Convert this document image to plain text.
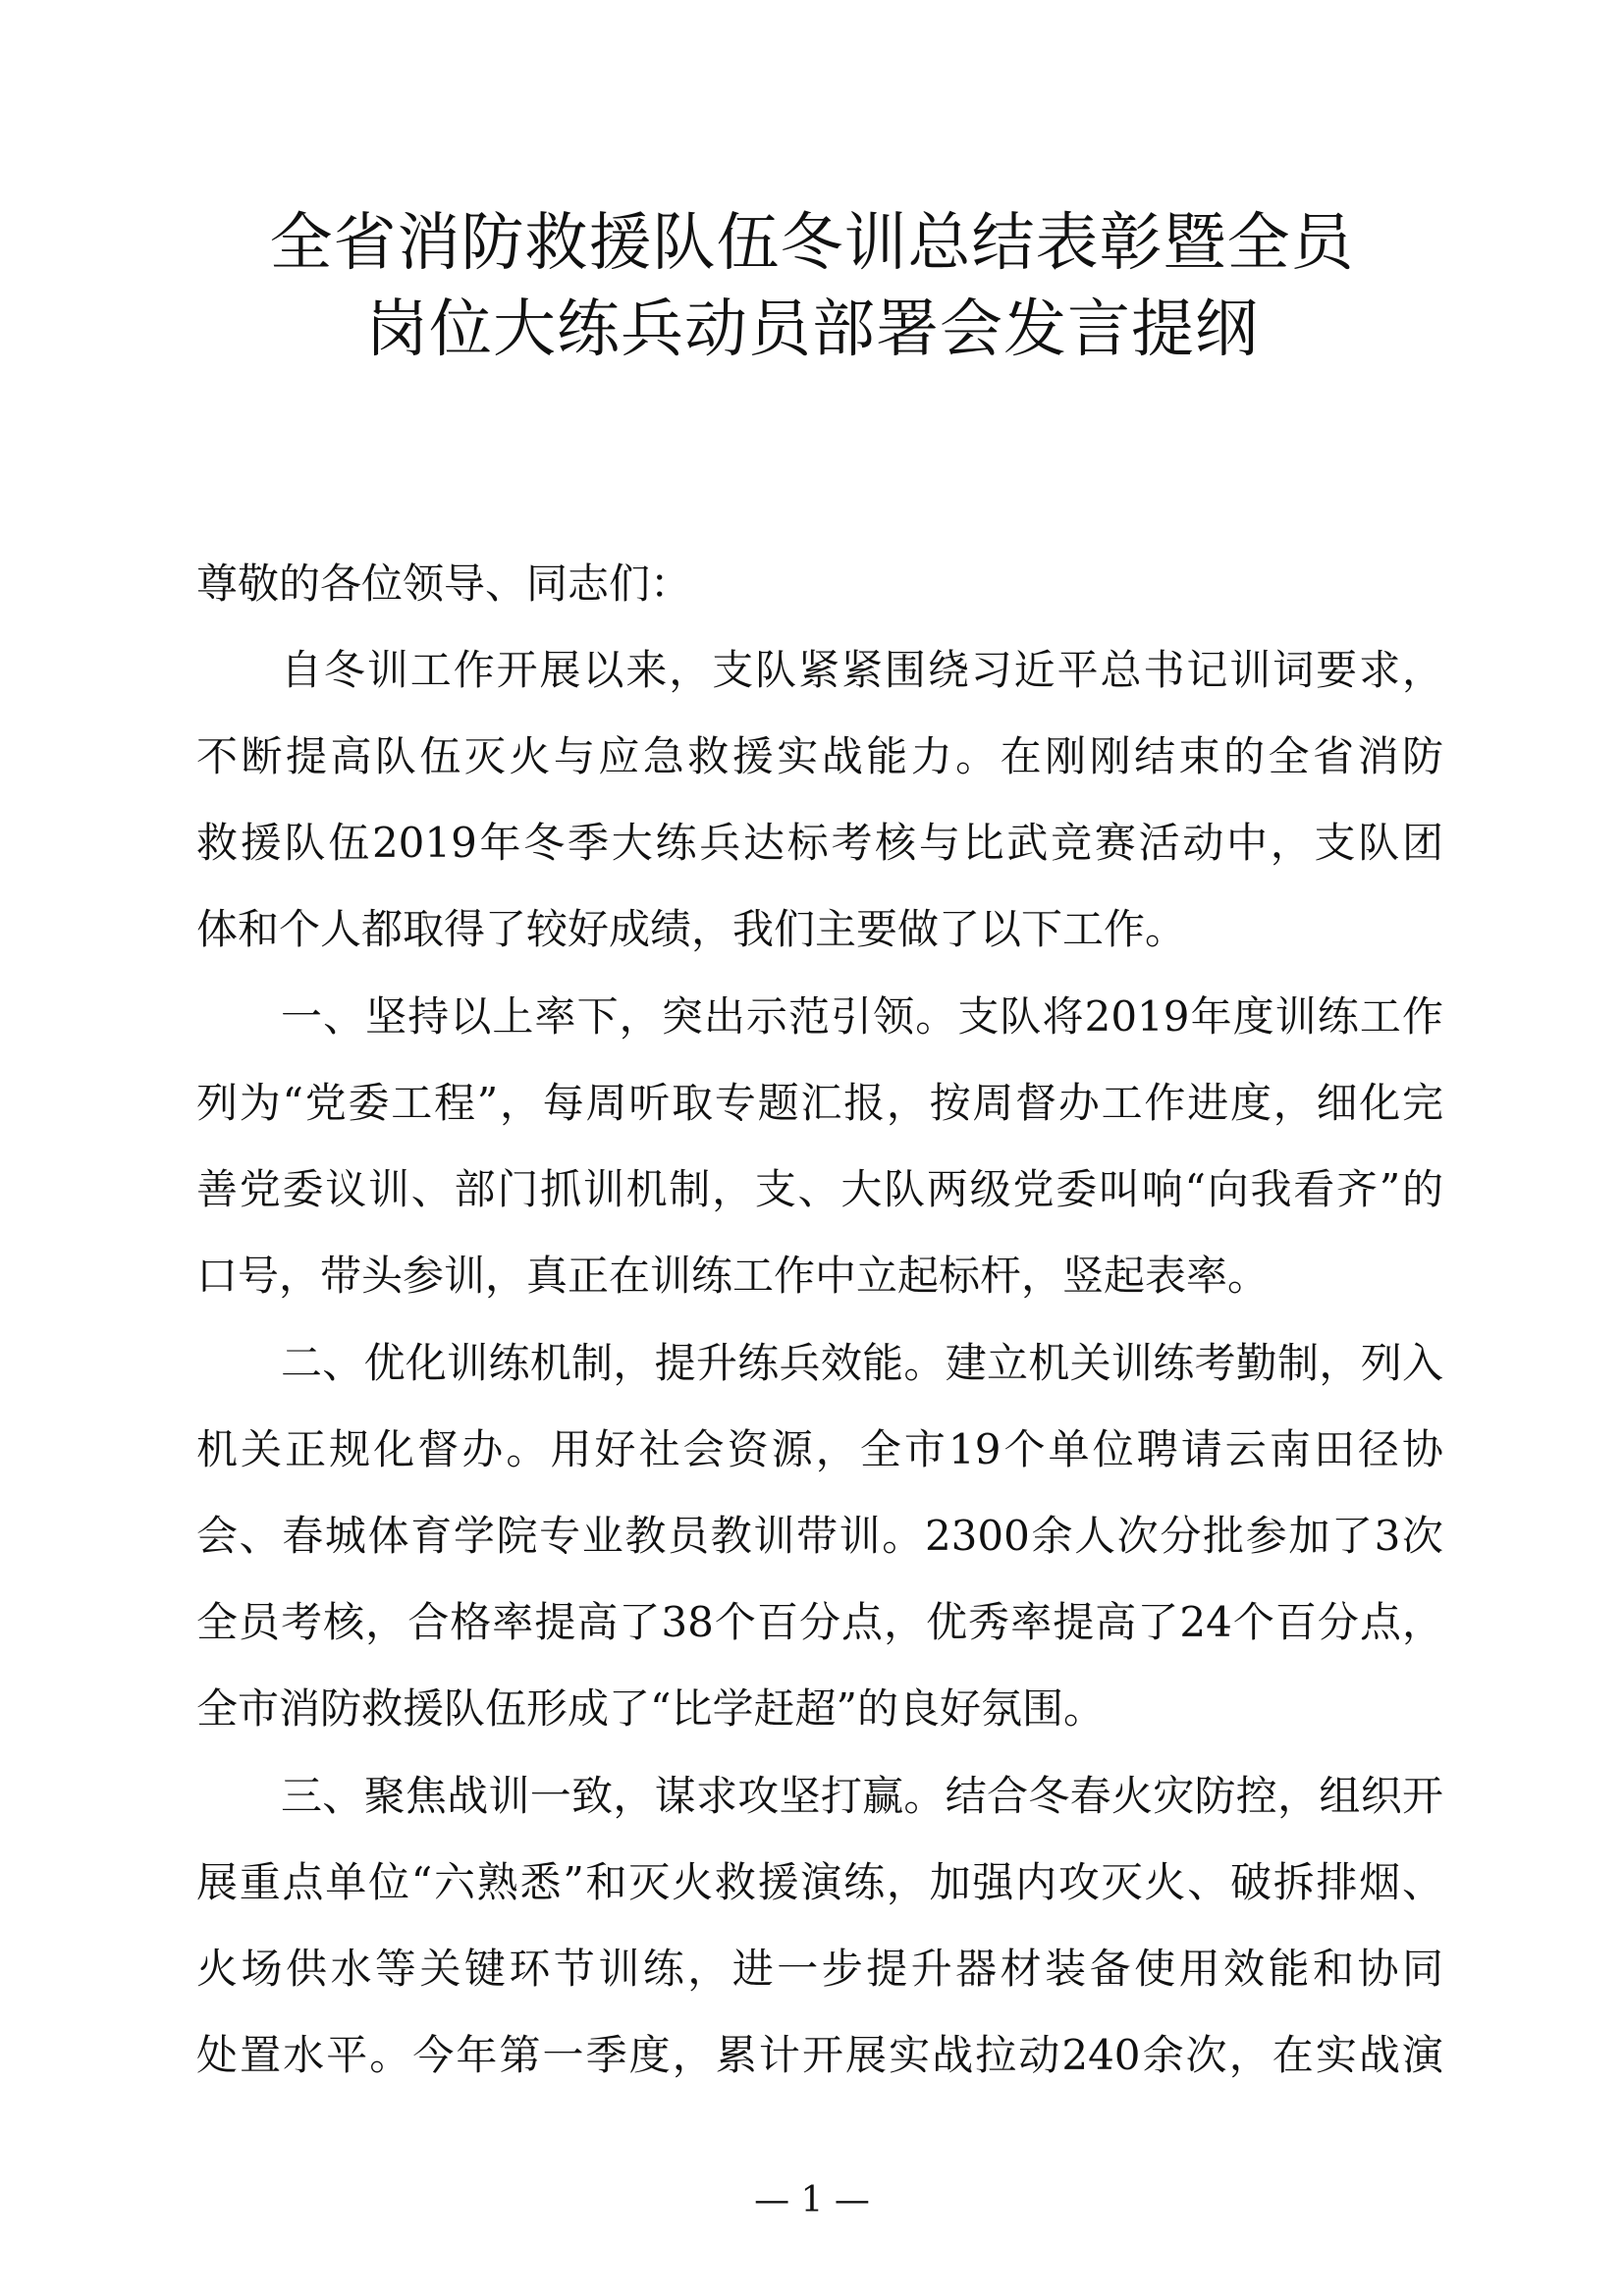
全省消防救援队伍冬训总结表彰暨全员
岗位大练兵动员部署会发言提纲

尊敬的各位领导、同志们：

自冬训工作开展以来，支队紧紧围绕习近平总书记训词要求，

不断提高队伍灭火与应急救援实战能力。在刚刚结束的全省消防

救援队伍2019年冬季大练兵达标考核与比武竞赛活动中，支队团

体和个人都取得了较好成绩，我们主要做了以下工作。

一、坚持以上率下，突出示范引领。支队将2019年度训练工作

列为“党委工程”，每周听取专题汇报，按周督办工作进度，细化完

善党委议训、部门抓训机制，支、大队两级党委叫响“向我看齐”的

口号，带头参训，真正在训练工作中立起标杆，竖起表率。

二、优化训练机制，提升练兵效能。建立机关训练考勤制，列入

机关正规化督办。用好社会资源，全市19个单位聘请云南田径协

会、春城体育学院专业教员教训带训。2300余人次分批参加了3次

全员考核，合格率提高了38个百分点，优秀率提高了24个百分点，

全市消防救援队伍形成了“比学赶超”的良好氛围。

三、聚焦战训一致，谋求攻坚打赢。结合冬春火灾防控，组织开

展重点单位“六熟悉”和灭火救援演练，加强内攻灭火、破拆排烟、

火场供水等关键环节训练，进一步提升器材装备使用效能和协同

处置水平。今年第一季度，累计开展实战拉动240余次，在实战演

— 1 —
